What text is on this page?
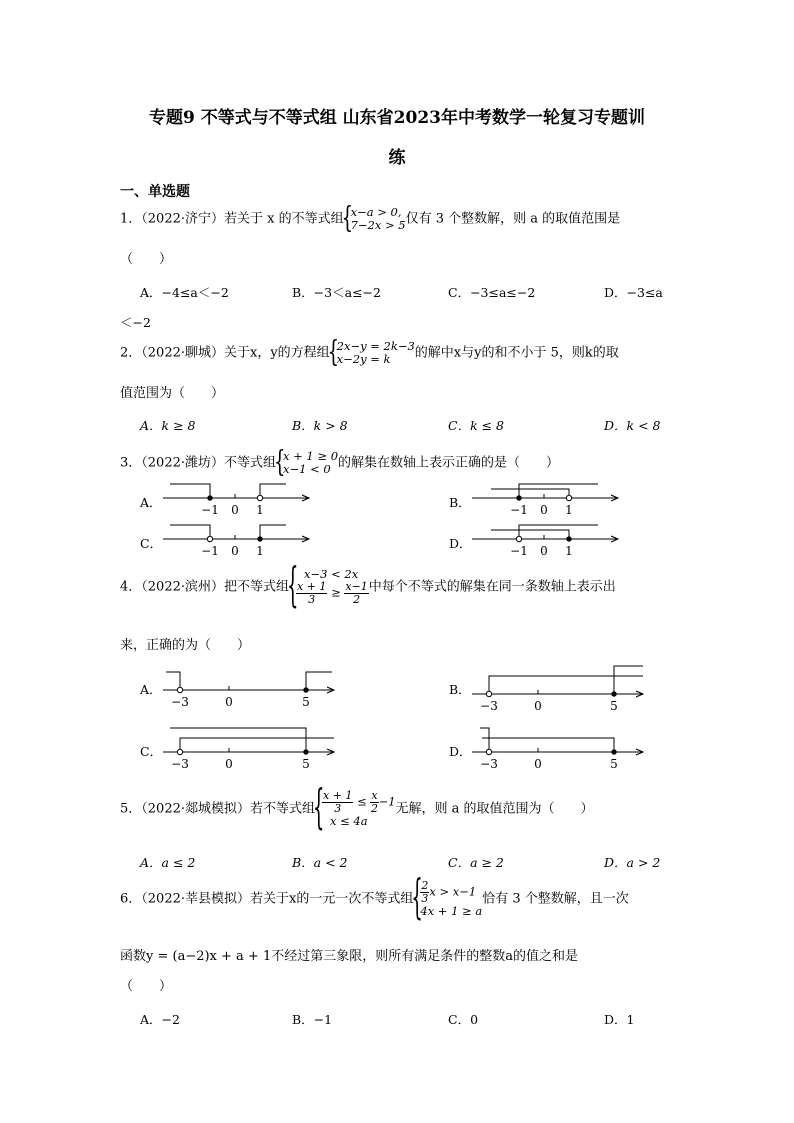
专题9 不等式与不等式组 山东省2023年中考数学一轮复习专题训
练
一、单选题
1．（2022·济宁）若关于 x 的不等式组 { x−a > 0,
7−2x > 5 仅有 3 个整数解，则 a 的取值范围是
（　　）
A．−4≤a＜−2	B．−3＜a≤−2	C．−3≤a≤−2	D．−3≤a
＜−2
2．（2022·聊城）关于x，y的方程组 { 2x−y = 2k−3
x−2y = k	的解中x与y的和不小于 5，则k的取
值范围为（　　）
A．k ≥ 8	B．k > 8	C．k ≤ 8	D．k < 8
3．（2022·潍坊）不等式组 { x + 1 ≥ 0
x−1 < 0 的解集在数轴上表示正确的是（　　）
A．	−1 0 1	B．	−1 0 1
C．	−1 0 1	D．	−1 0 1
A．
−3	0	5
B．
−3	0	5
C．
−3	0	5
D．
−3	0	5
4．（2022·滨州）把不等式组
{ x−3 < 2x
$\frac{x + 1}{3} \ge \frac{x-1}{2}$ 中每个不等式的解集在同一条数轴上表示出
来，正确的为（　　）
5．（2022·郯城模拟）若不等式组 { $\frac{x + 1}{3} \le \frac{x}{2} -1$
x ≤ 4a
无解，则 a 的取值范围为（　　）
A．a ≤ 2	B．a < 2	C．a ≥ 2	D．a > 2
6．（2022·莘县模拟）若关于x的一元一次不等式组 { $\frac{2}{3}$ x > x−1
4x + 1 ≥ a
恰有 3 个整数解，且一次
函数y = (a−2)x + a + 1不经过第三象限，则所有满足条件的整数a的值之和是
（　　）
A．−2	B．−1	C．0	D．1
